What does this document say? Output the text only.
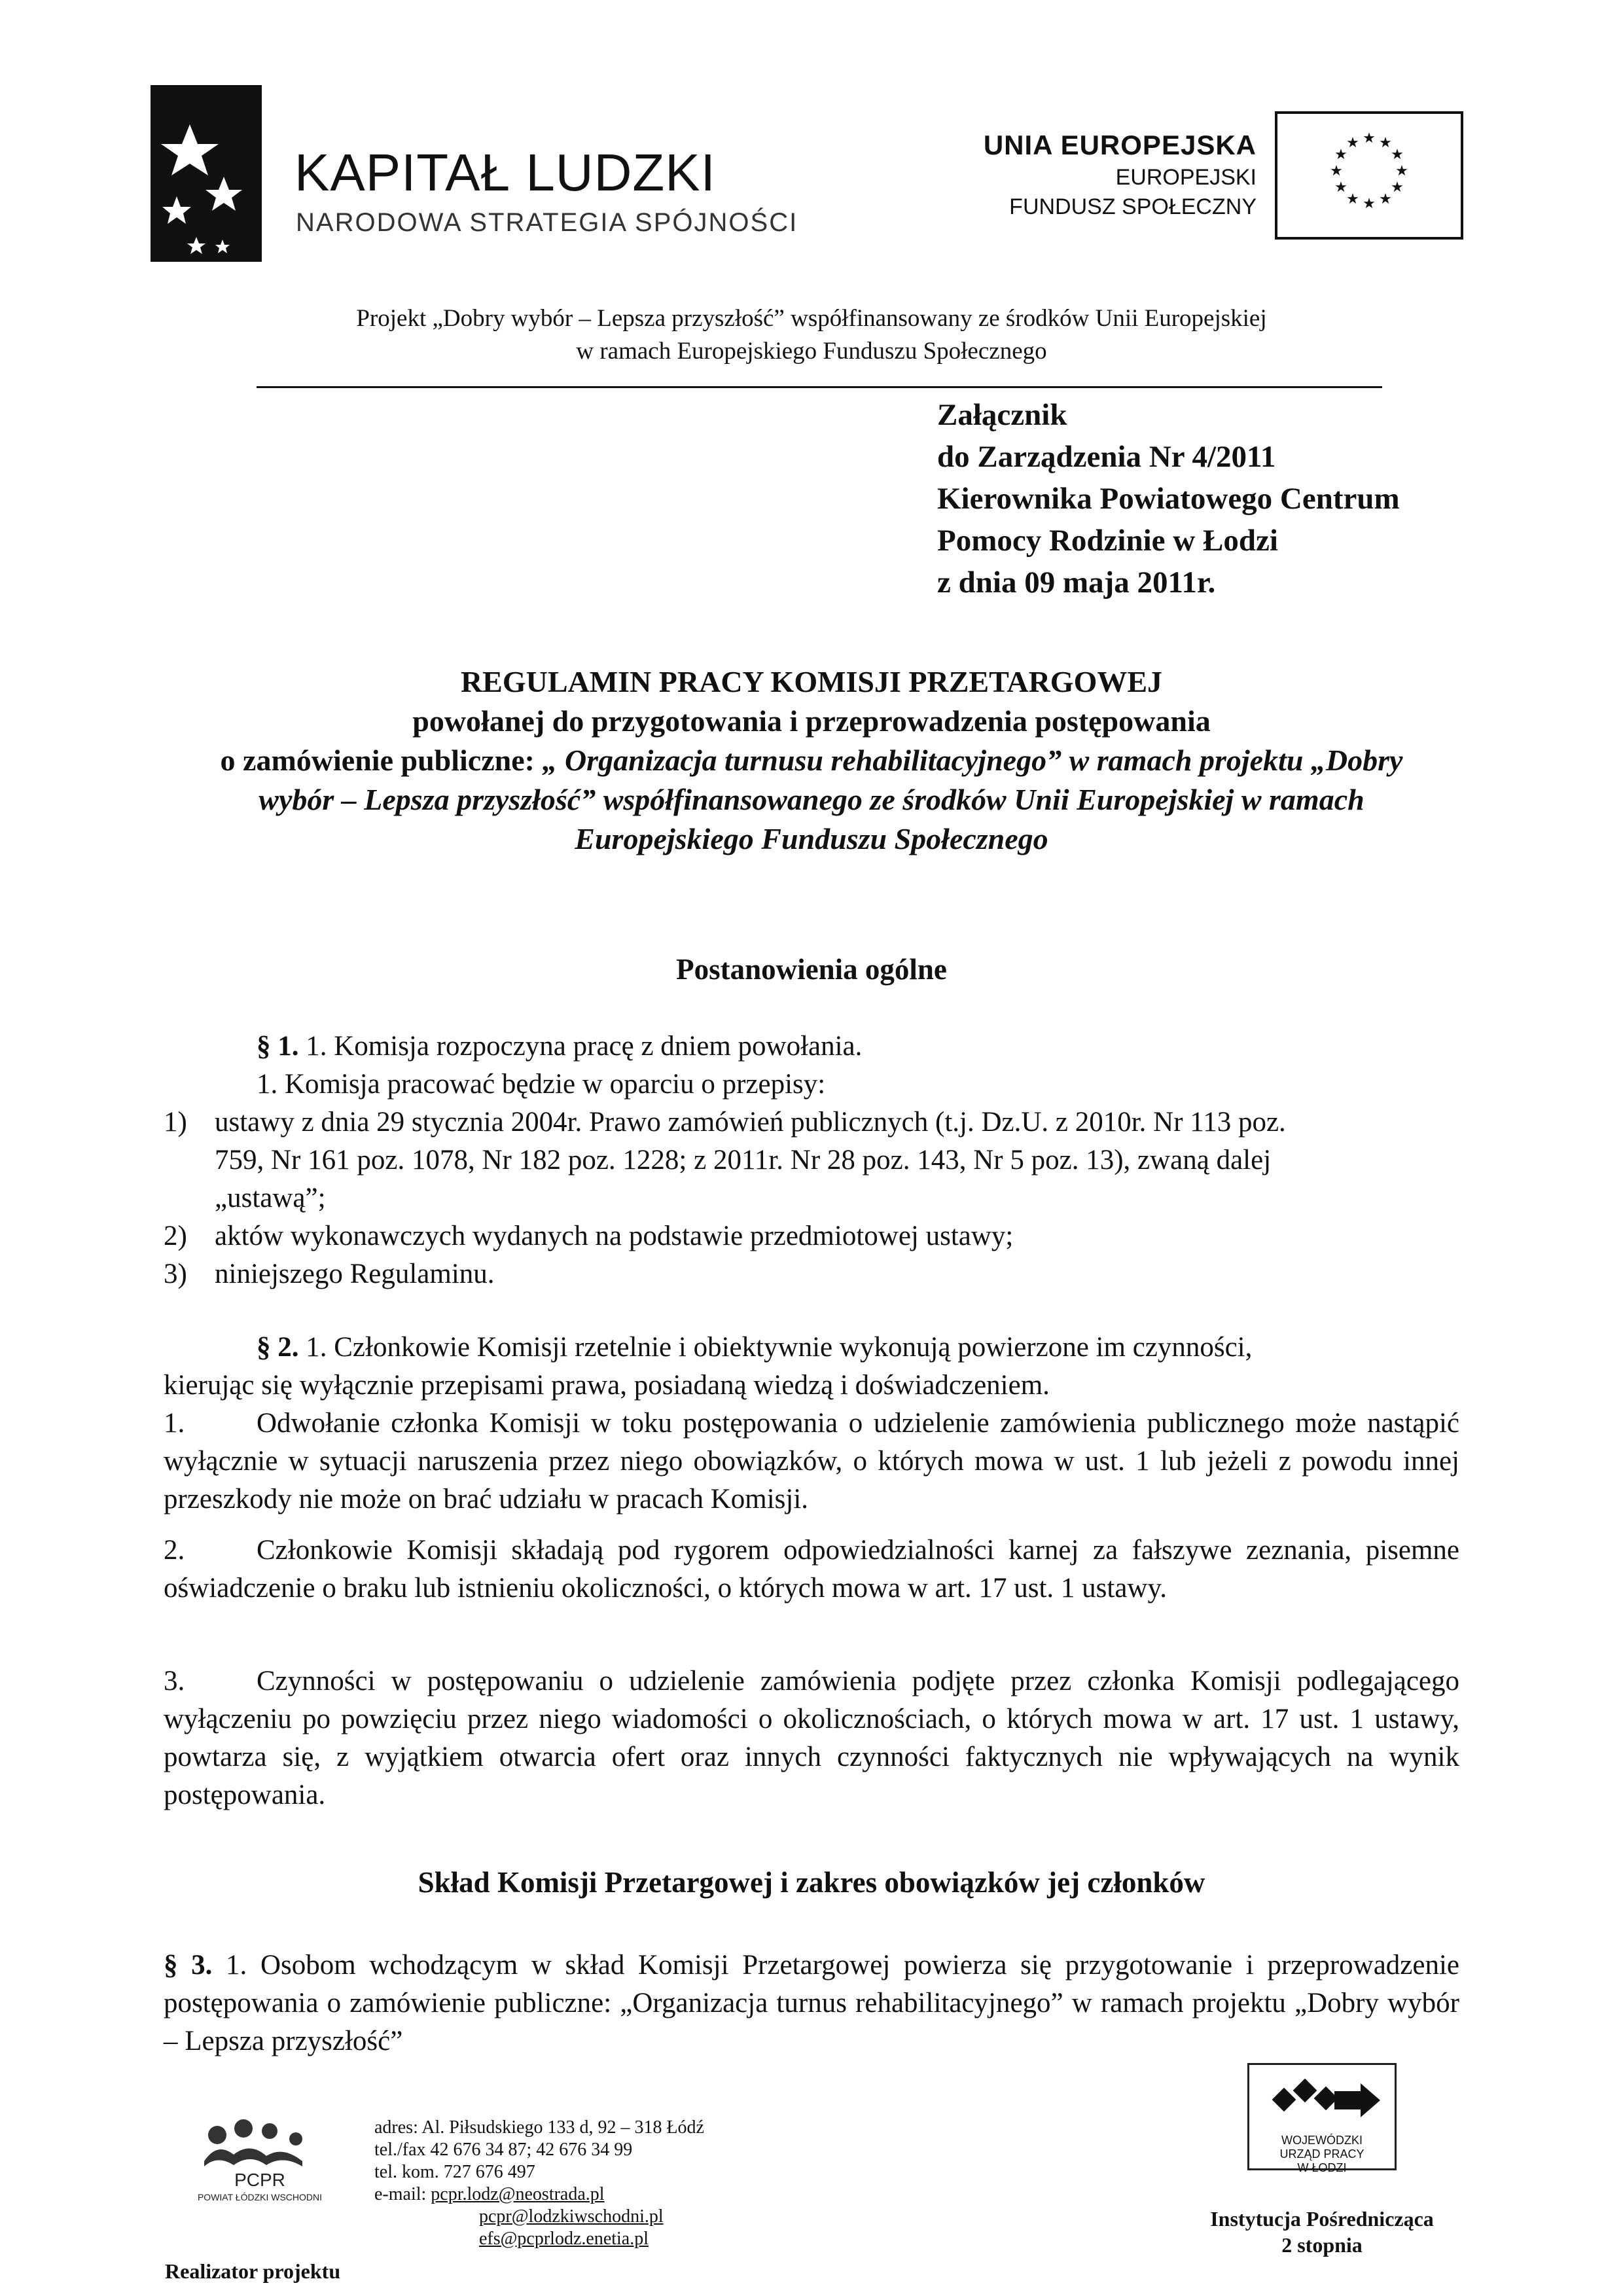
KAPITAŁ LUDZKI
NARODOWA STRATEGIA SPÓJNOŚCI
UNIA EUROPEJSKA
EUROPEJSKI
FUNDUSZ SPOŁECZNY
★ ★
★
★
★
★
★
★
★
★
★
★
Projekt „Dobry wybór – Lepsza przyszłość” współfinansowany ze środków Unii Europejskiej
w ramach Europejskiego Funduszu Społecznego
Załącznik
do Zarządzenia Nr 4/2011
Kierownika Powiatowego Centrum
Pomocy Rodzinie w Łodzi
z dnia 09 maja 2011r.
REGULAMIN PRACY KOMISJI PRZETARGOWEJ
powołanej do przygotowania i przeprowadzenia postępowania
o zamówienie publiczne: „ Organizacja turnusu rehabilitacyjnego” w ramach projektu „Dobry
wybór – Lepsza przyszłość” współfinansowanego ze środków Unii Europejskiej w ramach
Europejskiego Funduszu Społecznego
Postanowienia ogólne
§ 1. 1. Komisja rozpoczyna pracę z dniem powołania.
1. Komisja pracować będzie w oparciu o przepisy:
1) ustawy z dnia 29 stycznia 2004r. Prawo zamówień publicznych (t.j. Dz.U. z 2010r. Nr 113 poz.
759, Nr 161 poz. 1078, Nr 182 poz. 1228; z 2011r. Nr 28 poz. 143, Nr 5 poz. 13), zwaną dalej
„ustawą”;
2) aktów wykonawczych wydanych na podstawie przedmiotowej ustawy;
3) niniejszego Regulaminu.
§ 2. 1. Członkowie Komisji rzetelnie i obiektywnie wykonują powierzone im czynności,
kierując się wyłącznie przepisami prawa, posiadaną wiedzą i doświadczeniem.
1.	Odwołanie członka Komisji w toku postępowania o udzielenie zamówienia publicznego może nastąpić wyłącznie w sytuacji naruszenia przez niego obowiązków, o których mowa w ust. 1 lub jeżeli z powodu innej przeszkody nie może on brać udziału w pracach Komisji.
2.	Członkowie Komisji składają pod rygorem odpowiedzialności karnej za fałszywe zeznania, pisemne oświadczenie o braku lub istnieniu okoliczności, o których mowa w art. 17 ust. 1 ustawy.
3.	Czynności w postępowaniu o udzielenie zamówienia podjęte przez członka Komisji podlegającego wyłączeniu po powzięciu przez niego wiadomości o okolicznościach, o których mowa w art. 17 ust. 1 ustawy, powtarza się, z wyjątkiem otwarcia ofert oraz innych czynności faktycznych nie wpływających na wynik postępowania.
Skład Komisji Przetargowej i zakres obowiązków jej członków
§ 3. 1. Osobom wchodzącym w skład Komisji Przetargowej powierza się przygotowanie i przeprowadzenie postępowania o zamówienie publiczne: „Organizacja turnus rehabilitacyjnego” w ramach projektu „Dobry wybór – Lepsza przyszłość”
PCPR
POWIAT ŁÓDZKI WSCHODNI
adres: Al. Piłsudskiego 133 d, 92 – 318 Łódź
tel./fax 42 676 34 87; 42 676 34 99
tel. kom. 727 676 497
e-mail: pcpr.lodz@neostrada.pl
pcpr@lodzkiwschodni.pl
efs@pcprlodz.enetia.pl
Realizator projektu
WOJEWÓDZKI
URZĄD PRACY
W ŁODZI
Instytucja Pośrednicząca
2 stopnia
